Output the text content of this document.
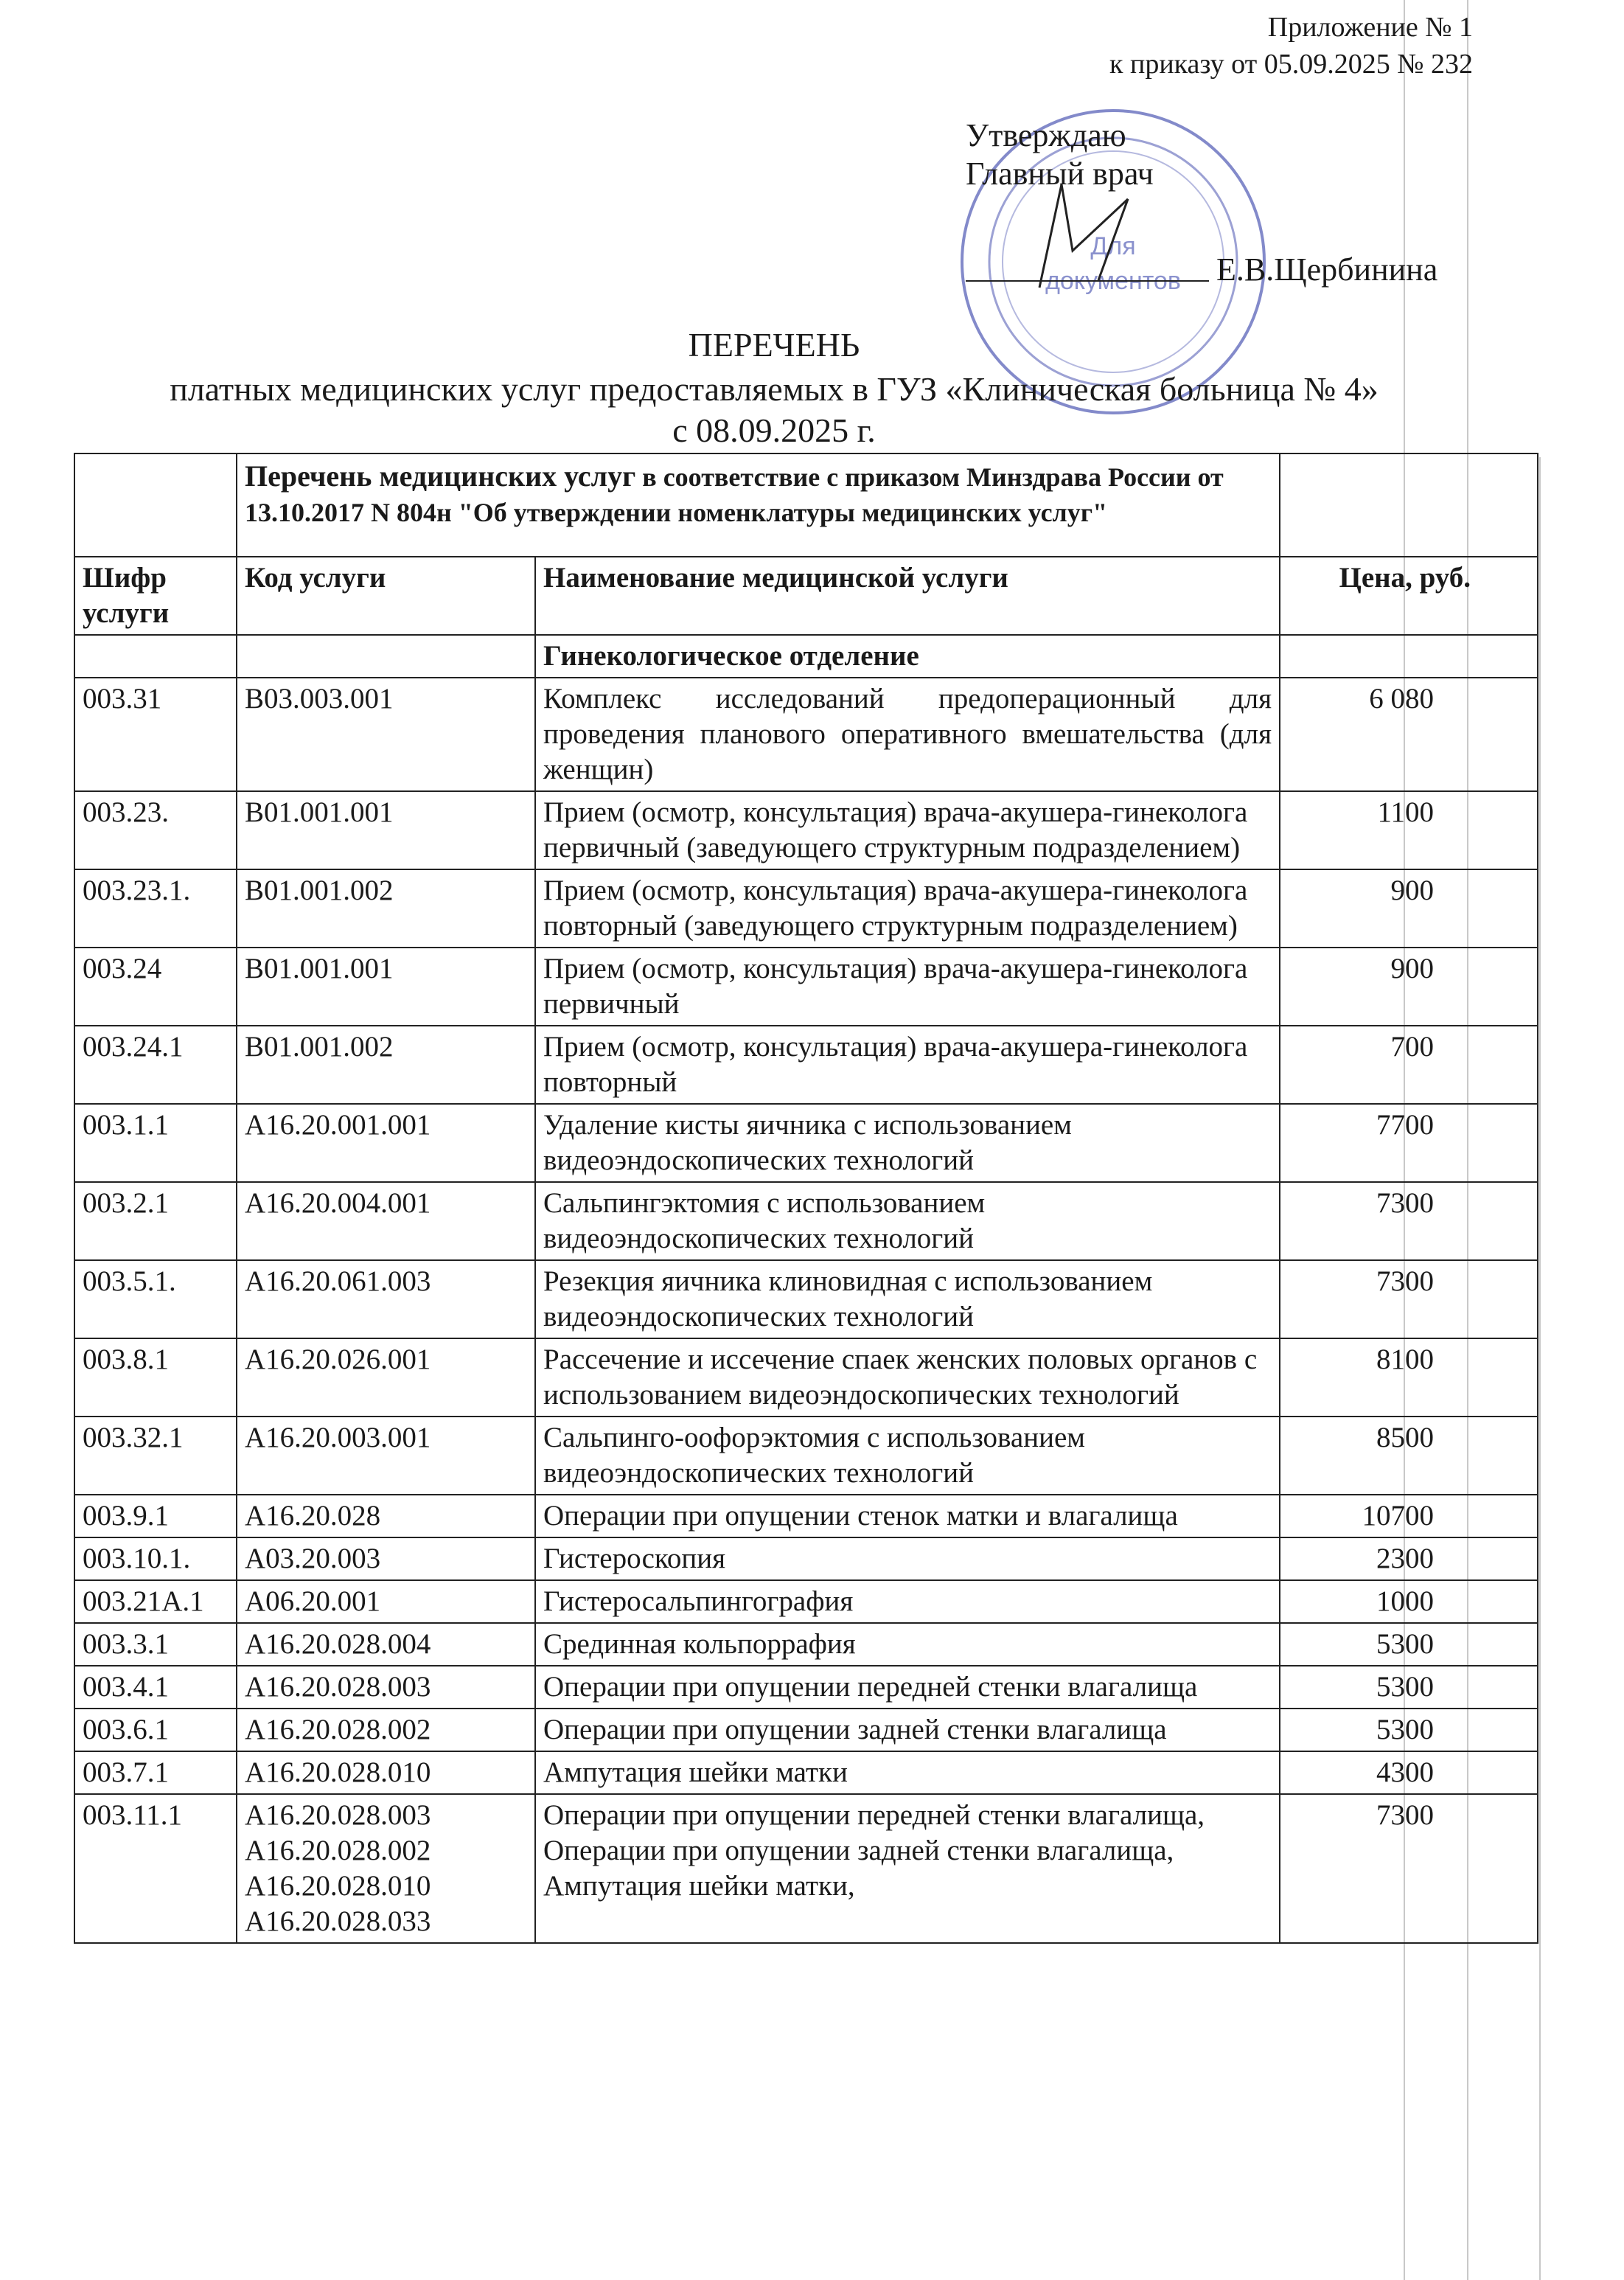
Приложение № 1
к приказу от 05.09.2025 № 232
Для
документов
Утверждаю
Главный врач
Е.В.Щербинина
ПЕРЕЧЕНЬ
платных медицинских услуг предоставляемых в ГУЗ «Клиническая больница № 4»
с 08.09.2025 г.
	Перечень медицинских услуг в соответствие с приказом Минздрава России от 13.10.2017 N 804н "Об утверждении номенклатуры медицинских услуг"		
Шифр услуги	Код услуги	Наименование медицинской услуги	Цена, руб.
		Гинекологическое отделение	
003.31	B03.003.001	Комплекс исследований предоперационный для проведения планового оперативного вмешательства (для женщин)	6 080
003.23.	B01.001.001	Прием (осмотр, консультация) врача-акушера-гинеколога первичный (заведующего структурным подразделением)	1100
003.23.1.	B01.001.002	Прием (осмотр, консультация) врача-акушера-гинеколога повторный (заведующего структурным подразделением)	900
003.24	B01.001.001	Прием (осмотр, консультация) врача-акушера-гинеколога первичный	900
003.24.1	B01.001.002	Прием (осмотр, консультация) врача-акушера-гинеколога повторный	700
003.1.1	A16.20.001.001	Удаление кисты яичника с использованием видеоэндоскопических технологий	7700
003.2.1	A16.20.004.001	Сальпингэктомия с использованием видеоэндоскопических технологий	7300
003.5.1.	A16.20.061.003	Резекция яичника клиновидная с использованием видеоэндоскопических технологий	7300
003.8.1	A16.20.026.001	Рассечение и иссечение спаек женских половых органов с использованием видеоэндоскопических технологий	8100
003.32.1	A16.20.003.001	Сальпинго-оофорэктомия с использованием видеоэндоскопических технологий	8500
003.9.1	A16.20.028	Операции при опущении стенок матки и влагалища	10700
003.10.1.	A03.20.003	Гистероскопия	2300
003.21A.1	A06.20.001	Гистеросальпингография	1000
003.3.1	A16.20.028.004	Срединная кольпоррафия	5300
003.4.1	A16.20.028.003	Операции при опущении передней стенки влагалища	5300
003.6.1	A16.20.028.002	Операции при опущении задней стенки влагалища	5300
003.7.1	A16.20.028.010	Ампутация шейки матки	4300
003.11.1	A16.20.028.003
A16.20.028.002
A16.20.028.010
A16.20.028.033	Операции при опущении передней стенки влагалища,
Операции при опущении задней стенки влагалища,
Ампутация шейки матки,	7300
